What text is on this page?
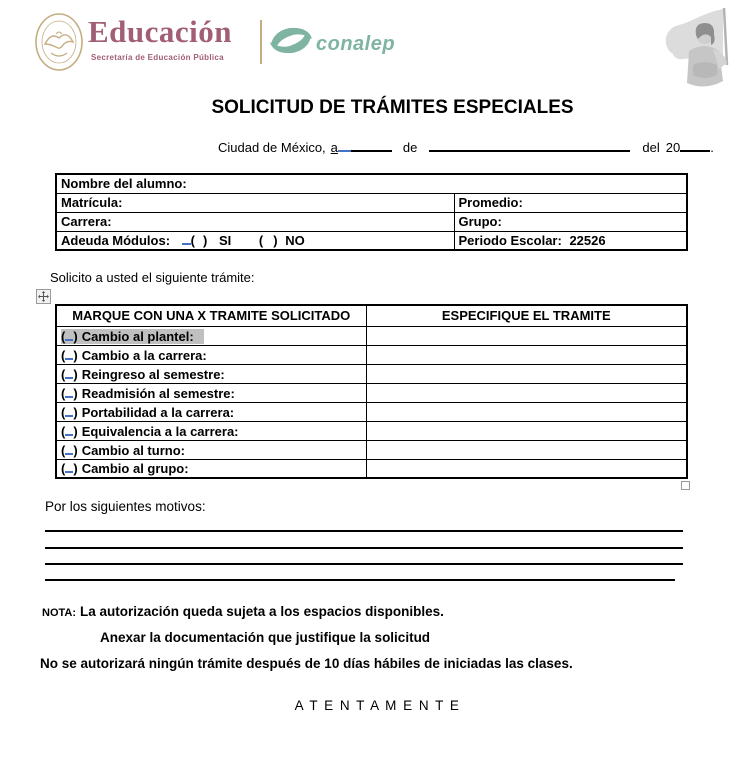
Educación
Secretaría de Educación Pública
conalep
SOLICITUD DE TRÁMITES ESPECIALES
Ciudad de México, a	de	del 20 .
Nombre del alumno:	
Matrícula:	Promedio:
Carrera:	Grupo:
Adeuda Módulos: ( ) SI ( ) NO	Periodo Escolar: 22526
Solicito a usted el siguiente trámite:
MARQUE CON UNA X TRAMITE SOLICITADO	ESPECIFIQUE EL TRAMITE
( ) Cambio al plantel:	
( ) Cambio a la carrera:	
( ) Reingreso al semestre:	
( ) Readmisión al semestre:	
( ) Portabilidad a la carrera:	
( ) Equivalencia a la carrera:	
( ) Cambio al turno:	
( ) Cambio al grupo:	
Por los siguientes motivos:
NOTA: La autorización queda sujeta a los espacios disponibles.
Anexar la documentación que justifique la solicitud
No se autorizará ningún trámite después de 10 días hábiles de iniciadas las clases.
A T E N T A M E N T E
